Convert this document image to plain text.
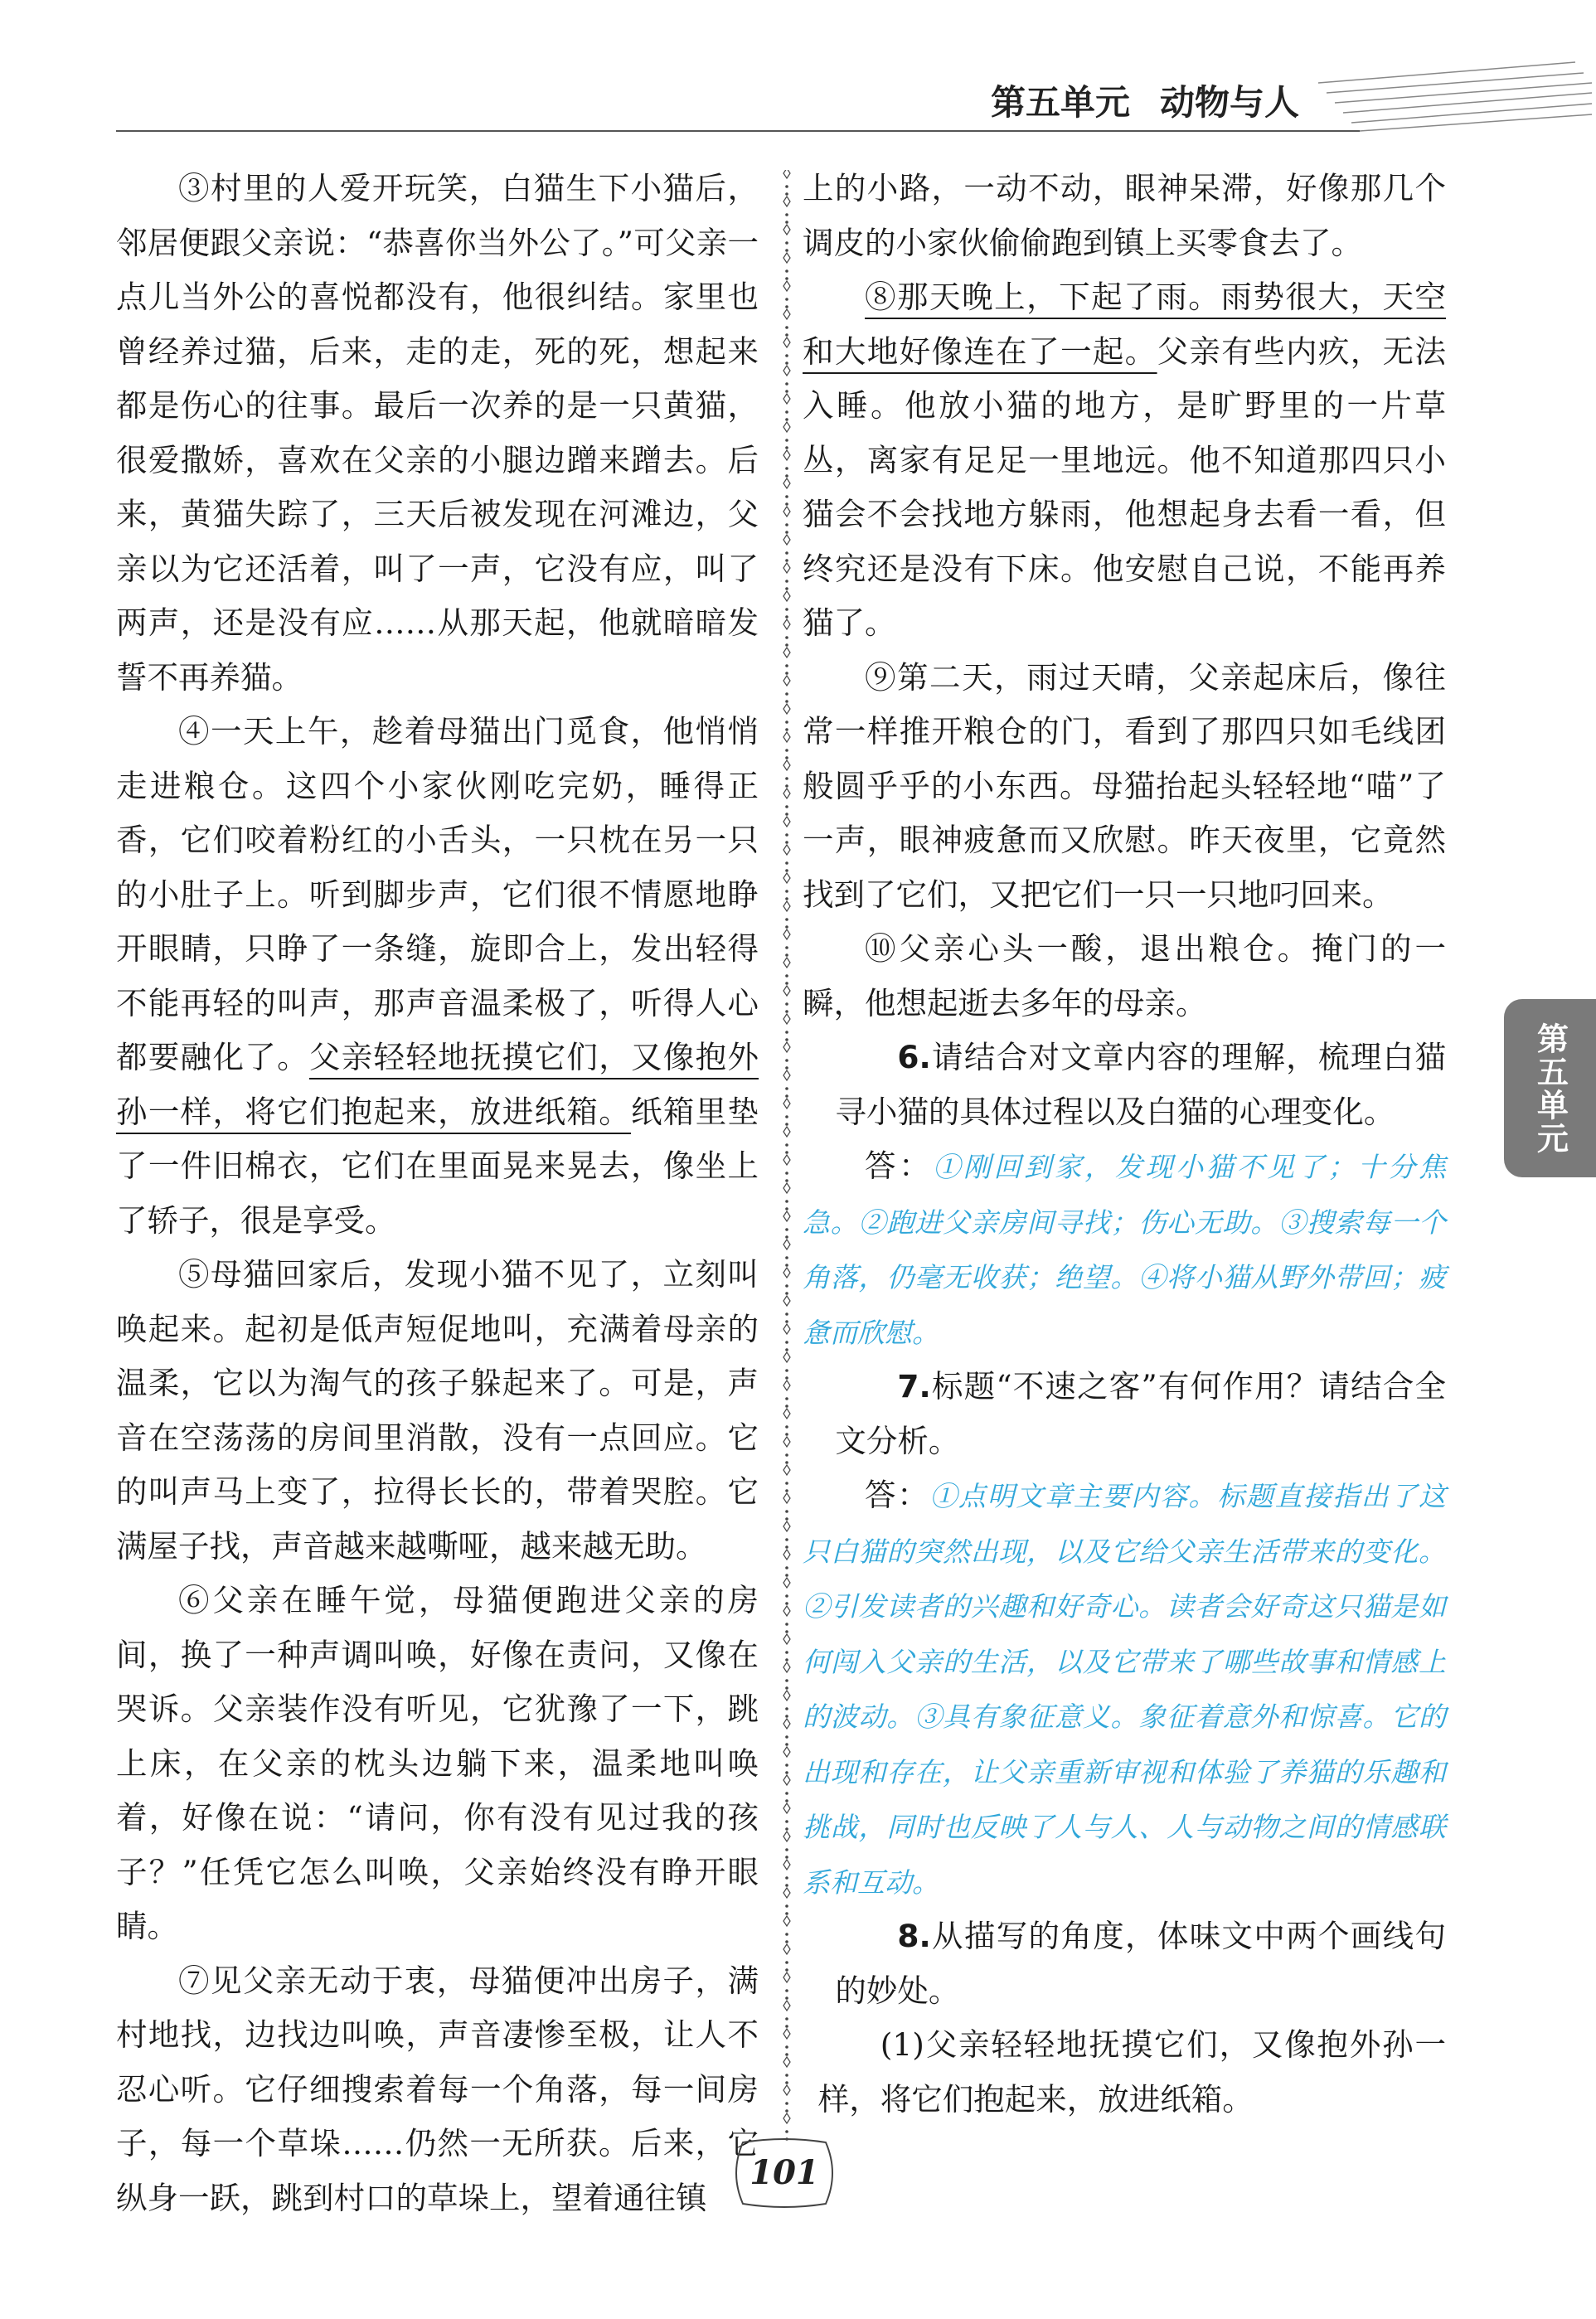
第五单元 动物与人

③村里的人爱开玩笑，白猫生下小猫后，邻居便跟父亲说：“恭喜你当外公了。”可父亲一点儿当外公的喜悦都没有，他很纠结。家里也曾经养过猫，后来，走的走，死的死，想起来都是伤心的往事。最后一次养的是一只黄猫，很爱撒娇，喜欢在父亲的小腿边蹭来蹭去。后来，黄猫失踪了，三天后被发现在河滩边，父亲以为它还活着，叫了一声，它没有应，叫了两声，还是没有应……从那天起，他就暗暗发誓不再养猫。

④一天上午，趁着母猫出门觅食，他悄悄走进粮仓。这四个小家伙刚吃完奶，睡得正香，它们咬着粉红的小舌头，一只枕在另一只的小肚子上。听到脚步声，它们很不情愿地睁开眼睛，只睁了一条缝，旋即合上，发出轻得不能再轻的叫声，那声音温柔极了，听得人心都要融化了。父亲轻轻地抚摸它们，又像抱外孙一样，将它们抱起来，放进纸箱。纸箱里垫了一件旧棉衣，它们在里面晃来晃去，像坐上了轿子，很是享受。

⑤母猫回家后，发现小猫不见了，立刻叫唤起来。起初是低声短促地叫，充满着母亲的温柔，它以为淘气的孩子躲起来了。可是，声音在空荡荡的房间里消散，没有一点回应。它的叫声马上变了，拉得长长的，带着哭腔。它满屋子找，声音越来越嘶哑，越来越无助。

⑥父亲在睡午觉，母猫便跑进父亲的房间，换了一种声调叫唤，好像在责问，又像在哭诉。父亲装作没有听见，它犹豫了一下，跳上床，在父亲的枕头边躺下来，温柔地叫唤着，好像在说：“请问，你有没有见过我的孩子？”任凭它怎么叫唤，父亲始终没有睁开眼睛。

⑦见父亲无动于衷，母猫便冲出房子，满村地找，边找边叫唤，声音凄惨至极，让人不忍心听。它仔细搜索着每一个角落，每一间房子，每一个草垛……仍然一无所获。后来，它纵身一跃，跳到村口的草垛上，望着通往镇

上的小路，一动不动，眼神呆滞，好像那几个调皮的小家伙偷偷跑到镇上买零食去了。

⑧那天晚上，下起了雨。雨势很大，天空和大地好像连在了一起。父亲有些内疚，无法入睡。他放小猫的地方，是旷野里的一片草丛，离家有足足一里地远。他不知道那四只小猫会不会找地方躲雨，他想起身去看一看，但终究还是没有下床。他安慰自己说，不能再养猫了。

⑨第二天，雨过天晴，父亲起床后，像往常一样推开粮仓的门，看到了那四只如毛线团般圆乎乎的小东西。母猫抬起头轻轻地“喵”了一声，眼神疲惫而又欣慰。昨天夜里，它竟然找到了它们，又把它们一只一只地叼回来。

⑩父亲心头一酸，退出粮仓。掩门的一瞬，他想起逝去多年的母亲。

6.请结合对文章内容的理解，梳理白猫寻小猫的具体过程以及白猫的心理变化。

答：①刚回到家，发现小猫不见了；十分焦急。②跑进父亲房间寻找；伤心无助。③搜索每一个角落，仍毫无收获；绝望。④将小猫从野外带回；疲惫而欣慰。

7.标题“不速之客”有何作用？请结合全文分析。

答：①点明文章主要内容。标题直接指出了这只白猫的突然出现，以及它给父亲生活带来的变化。②引发读者的兴趣和好奇心。读者会好奇这只猫是如何闯入父亲的生活，以及它带来了哪些故事和情感上的波动。③具有象征意义。象征着意外和惊喜。它的出现和存在，让父亲重新审视和体验了养猫的乐趣和挑战，同时也反映了人与人、人与动物之间的情感联系和互动。

8.从描写的角度，体味文中两个画线句的妙处。

(1)父亲轻轻地抚摸它们，又像抱外孙一样，将它们抱起来，放进纸箱。

第五单元
101
